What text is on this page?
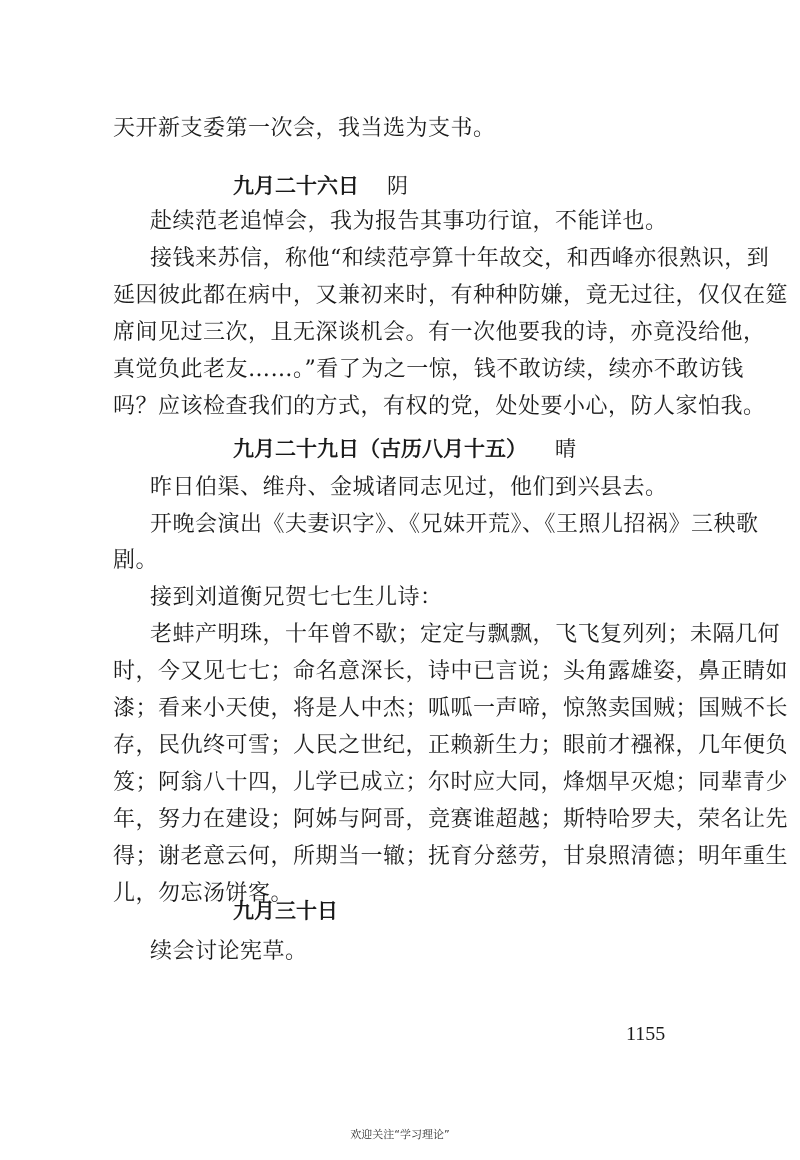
天开新支委第一次会，我当选为支书。
九月二十六日 阴
赴续范老追悼会，我为报告其事功行谊，不能详也。
接钱来苏信，称他“和续范亭算十年故交，和西峰亦很熟识，到
延因彼此都在病中，又兼初来时，有种种防嫌，竟无过往，仅仅在筵
席间见过三次，且无深谈机会。有一次他要我的诗，亦竟没给他，
真觉负此老友……。”看了为之一惊，钱不敢访续，续亦不敢访钱
吗？应该检查我们的方式，有权的党，处处要小心，防人家怕我。
九月二十九日（古历八月十五） 晴
昨日伯渠、维舟、金城诸同志见过，他们到兴县去。
开晚会演出《夫妻识字》、《兄妹开荒》、《王照儿招祸》三秧歌
剧。
接到刘道衡兄贺七七生儿诗：
老蚌产明珠，十年曾不歇；定定与飘飘，飞飞复列列；未隔几何
时，今又见七七；命名意深长，诗中已言说；头角露雄姿，鼻正睛如
漆；看来小天使，将是人中杰；呱呱一声啼，惊煞卖国贼；国贼不长
存，民仇终可雪；人民之世纪，正赖新生力；眼前才襁褓，几年便负
笈；阿翁八十四，儿学已成立；尔时应大同，烽烟早灭熄；同辈青少
年，努力在建设；阿姊与阿哥，竞赛谁超越；斯特哈罗夫，荣名让先
得；谢老意云何，所期当一辙；抚育分慈劳，甘泉照清德；明年重生
儿，勿忘汤饼客。
九月三十日
续会讨论宪草。
1155
欢迎关注“学习理论”
